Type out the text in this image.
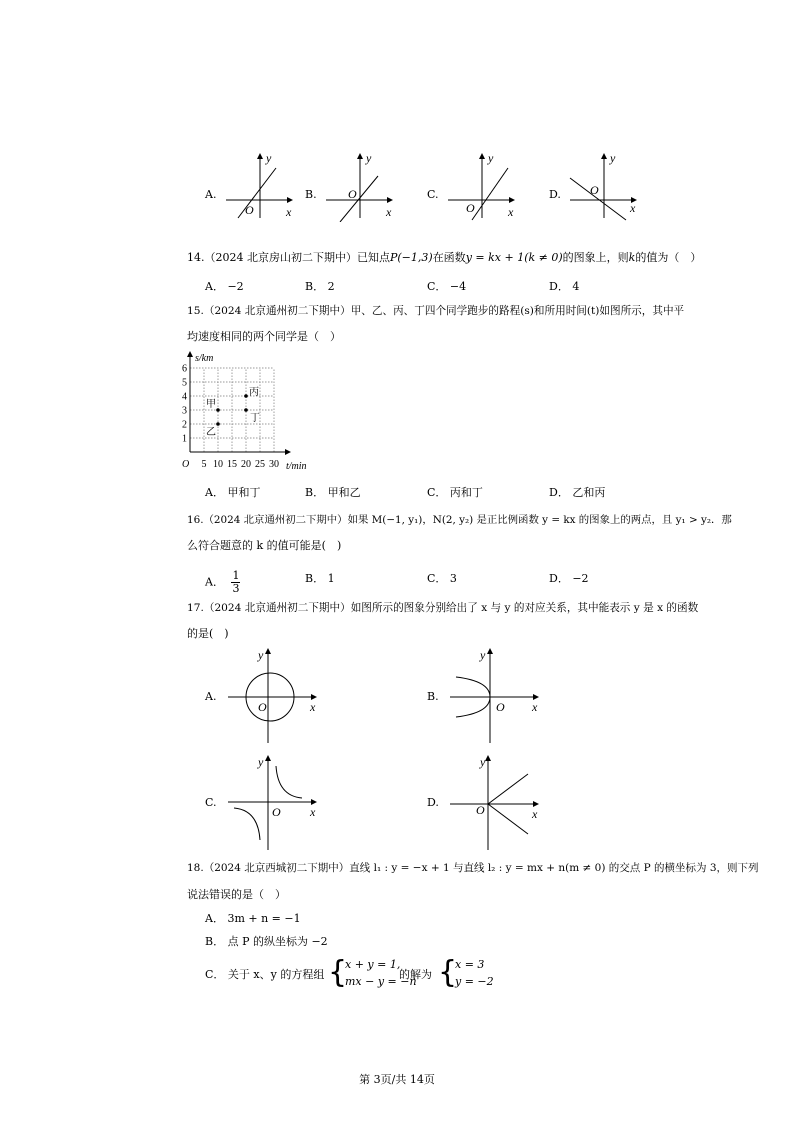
A.	B.	C.	D.
y
x
O
y
x
O
y
x
O
y
x
O
14.（2024 北京房山初二下期中）已知点P(−1,3)在函数y = kx + 1(k ≠ 0)的图象上，则k的值为（　）
A． −2	B． 2	C． −4	D． 4
15.（2024 北京通州初二下期中）甲、乙、丙、丁四个同学跑步的路程(s)和所用时间(t)如图所示，其中平
均速度相同的两个同学是（　）
s/km
t/min
O
1
2
3
4
5
6
5 10 15 20 25 30
甲
乙
丙
丁
A． 甲和丁	B． 甲和乙	C． 丙和丁	D． 乙和丙
16.（2024 北京通州初二下期中）如果 M(−1, y₁)，N(2, y₂) 是正比例函数 y = kx 的图象上的两点，且 y₁ > y₂．那
么符合题意的 k 的值可能是(　)
A． $\frac{1}{3}$	B． 1	C． 3	D． −2
17.（2024 北京通州初二下期中）如图所示的图象分别给出了 x 与 y 的对应关系，其中能表示 y 是 x 的函数
的是(　)
A.	B.
C.	D.
y
x
O
y
x
O
y
x
O
y
x
O
18.（2024 北京西城初二下期中）直线 l₁ : y = −x + 1 与直线 l₂ : y = mx + n(m ≠ 0) 的交点 P 的横坐标为 3，则下列
说法错误的是（　）
A． 3m + n = −1
B． 点 P 的纵坐标为 −2
C． 关于 x、y 的方程组 {
x + y = 1,
mx − y = −n
的解为 {
x = 3
y = −2
第 3页/共 14页
